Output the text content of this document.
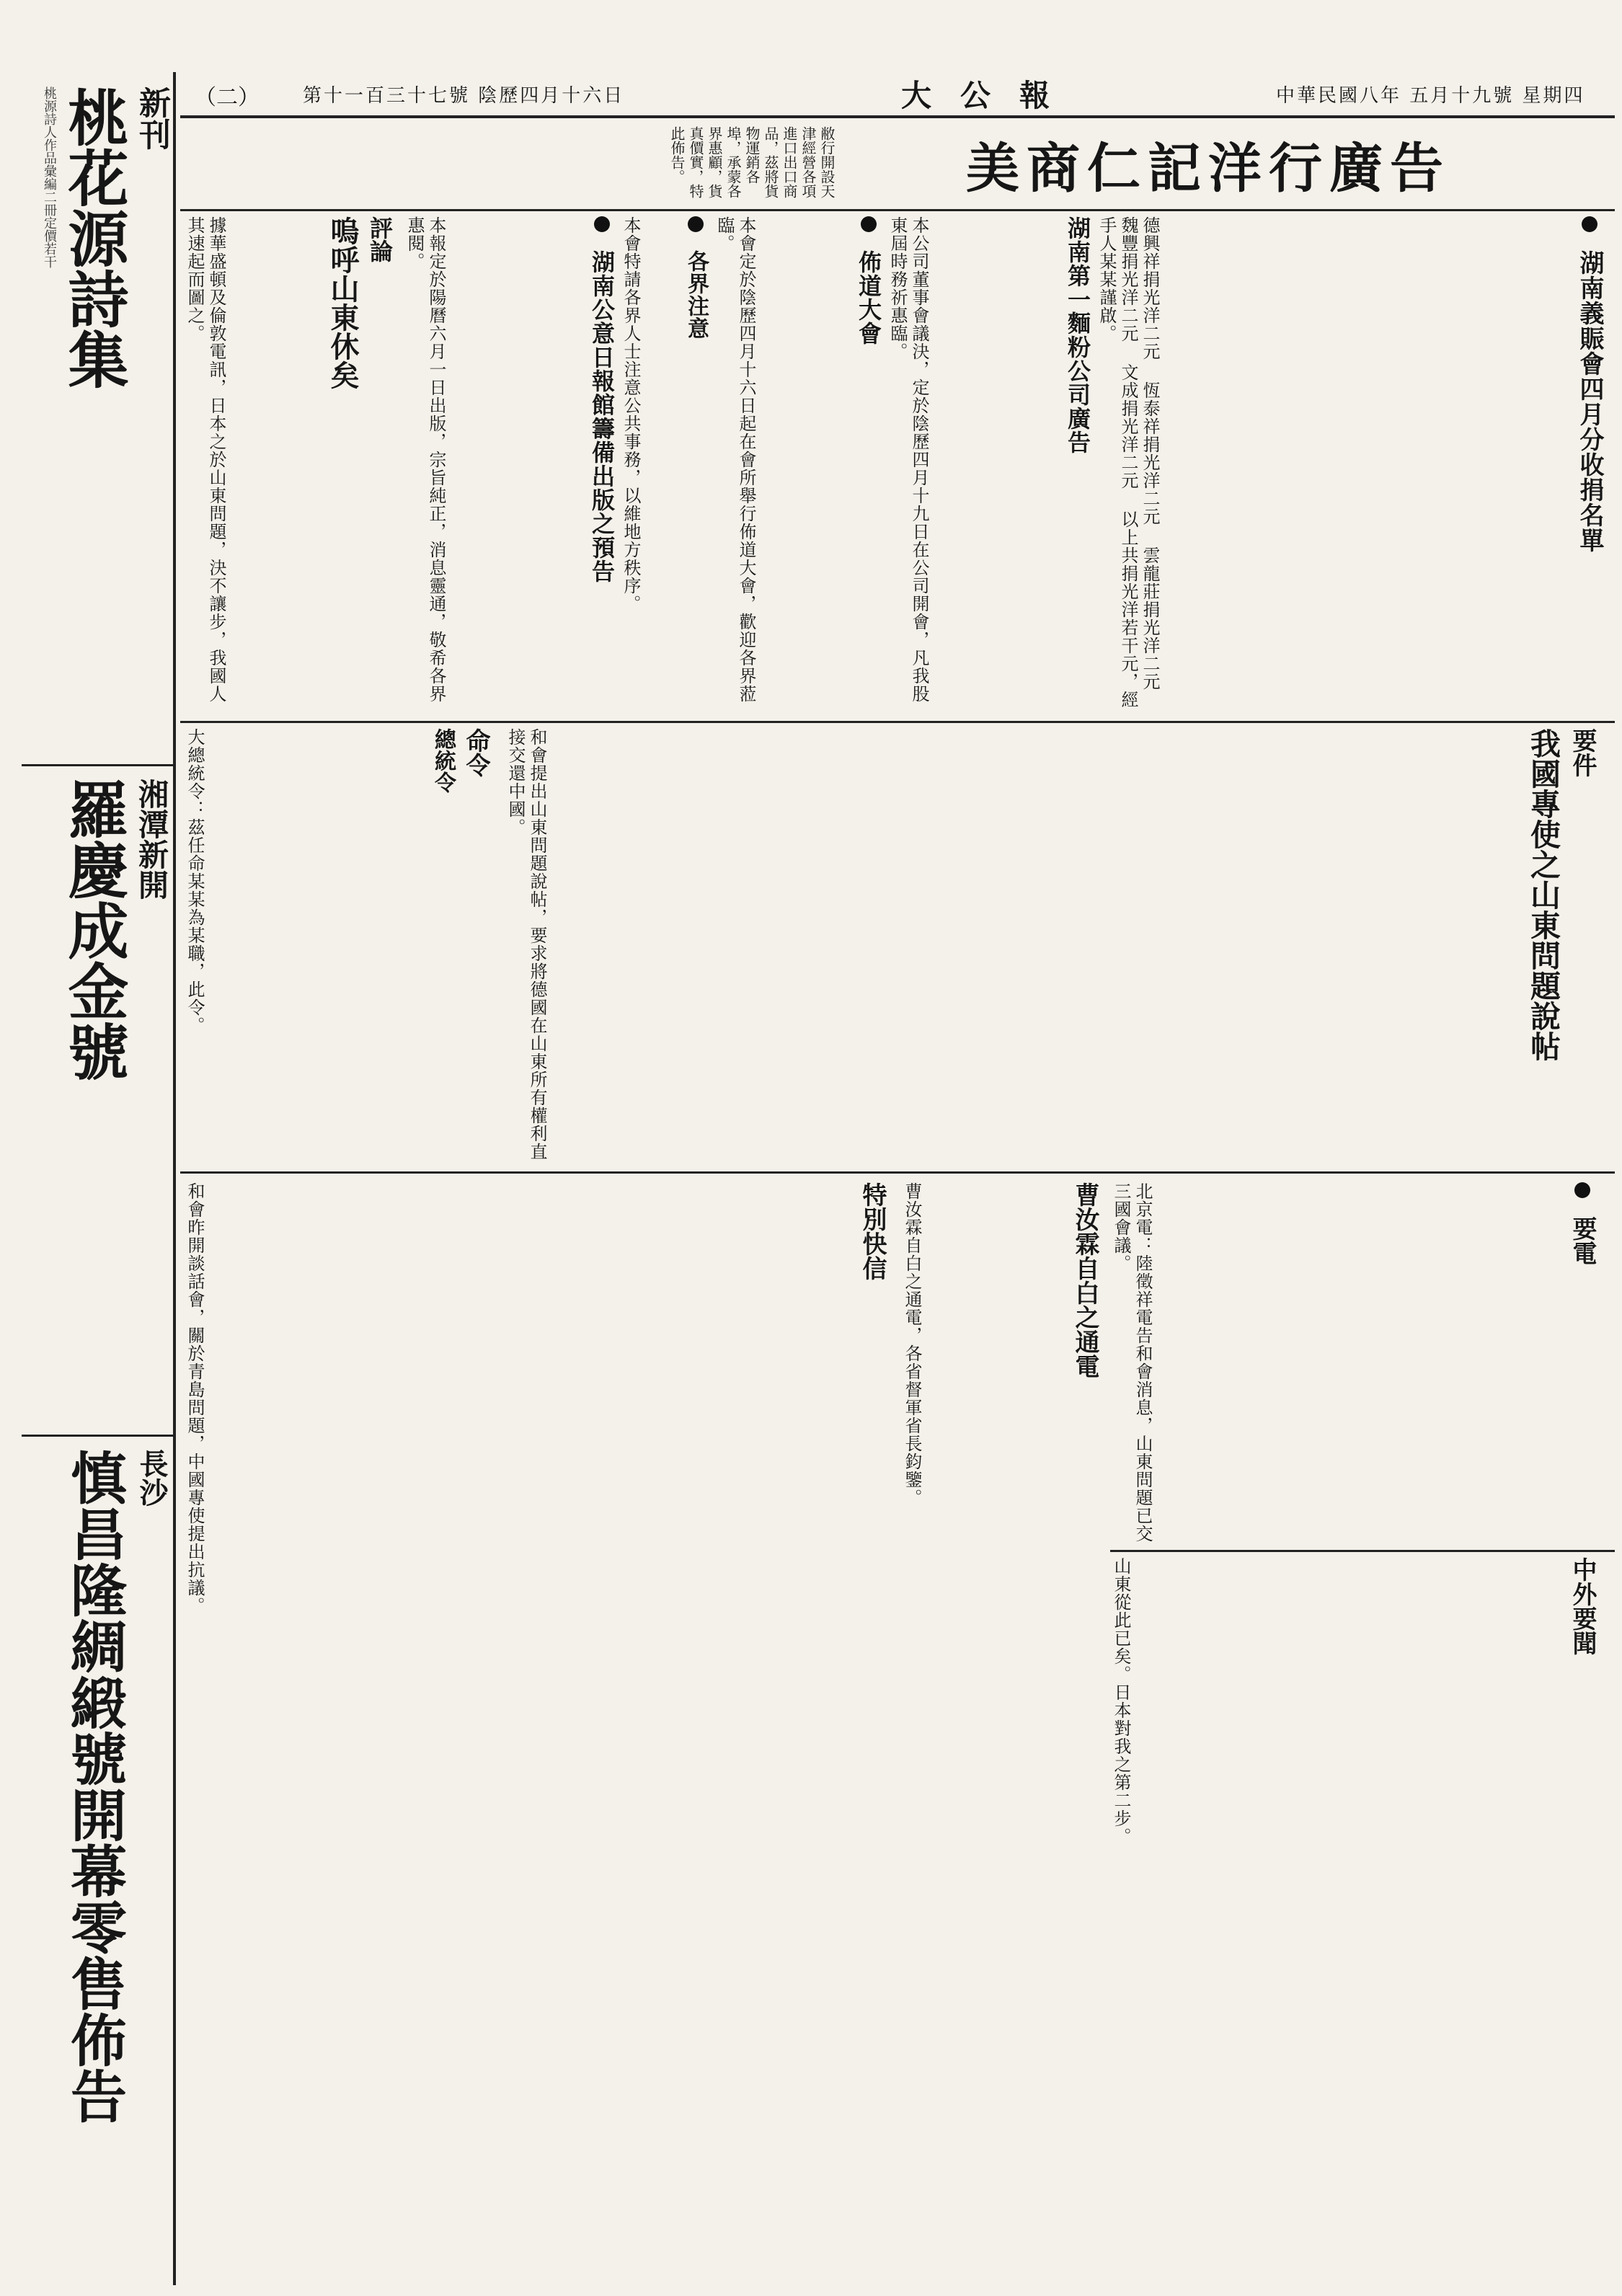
（二） 第十一百三十七號 陰歷四月十六日	大公報	中華民國八年 五月十九號 星期四
新刊
桃花源詩集
桃源詩人作品彙編二冊定價若干
湘潭新開
羅慶成金號
長沙
慎昌隆綢緞號開幕零售佈告
敝行開設天津經營各項進口出口商品，茲將貨物運銷各埠，承蒙各界惠顧，貨真價實，特此佈告。	美商仁記洋行廣告
湖南義賑會四月分收捐名單
德興祥捐光洋二元 恆泰祥捐光洋二元 雲龍莊捐光洋二元 魏豐捐光洋二元 文成捐光洋二元 以上共捐光洋若干元，經手人某某謹啟。
湖南第一麵粉公司廣告
本公司董事會議決，定於陰歷四月十九日在公司開會，凡我股東屆時務祈惠臨。
佈道大會
本會定於陰歷四月十六日起在會所舉行佈道大會，歡迎各界蒞臨。
各界注意
本會特請各界人士注意公共事務，以維地方秩序。
湖南公意日報館籌備出版之預告
本報定於陽曆六月一日出版，宗旨純正，消息靈通，敬希各界惠閱。
評論
嗚呼山東休矣
據華盛頓及倫敦電訊，日本之於山東問題，決不讓步，我國人其速起而圖之。
要件
我國專使之山東問題說帖
和會提出山東問題說帖，要求將德國在山東所有權利直接交還中國。
命令
總統令
大總統令：茲任命某某為某職，此令。
要電
北京電：陸徵祥電告和會消息，山東問題已交三國會議。
曹汝霖自白之通電
曹汝霖自白之通電，各省督軍省長鈞鑒。
特別快信
和會昨開談話會，關於青島問題，中國專使提出抗議。	中外要聞
山東從此已矣。日本對我之第二步。
